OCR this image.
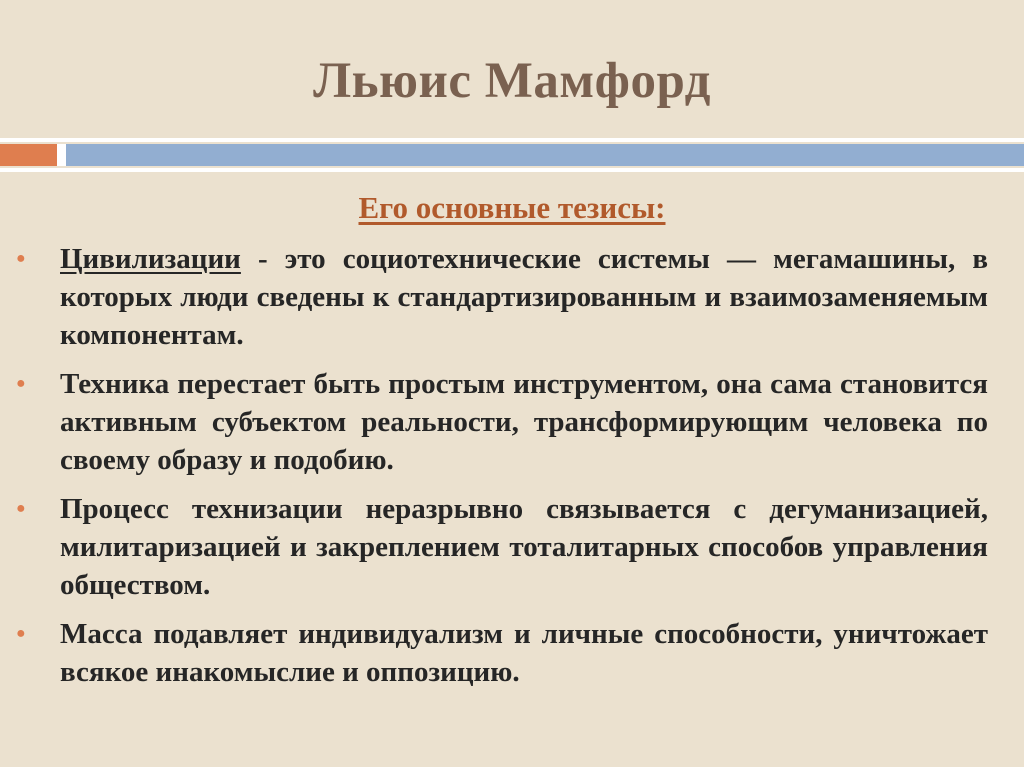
Льюис Мамфорд
Его основные тезисы:
● Цивилизации - это социотехнические системы — мегамашины, в которых люди сведены к стандартизированным и взаимозаменяемым компонентам.
● Техника перестает быть простым инструментом, она сама становится активным субъектом реальности, трансформирующим человека по своему образу и подобию.
● Процесс технизации неразрывно связывается с дегуманизацией, милитаризацией и закреплением тоталитарных способов управления обществом.
● Масса подавляет индивидуализм и личные способности, уничтожает всякое инакомыслие и оппозицию.
